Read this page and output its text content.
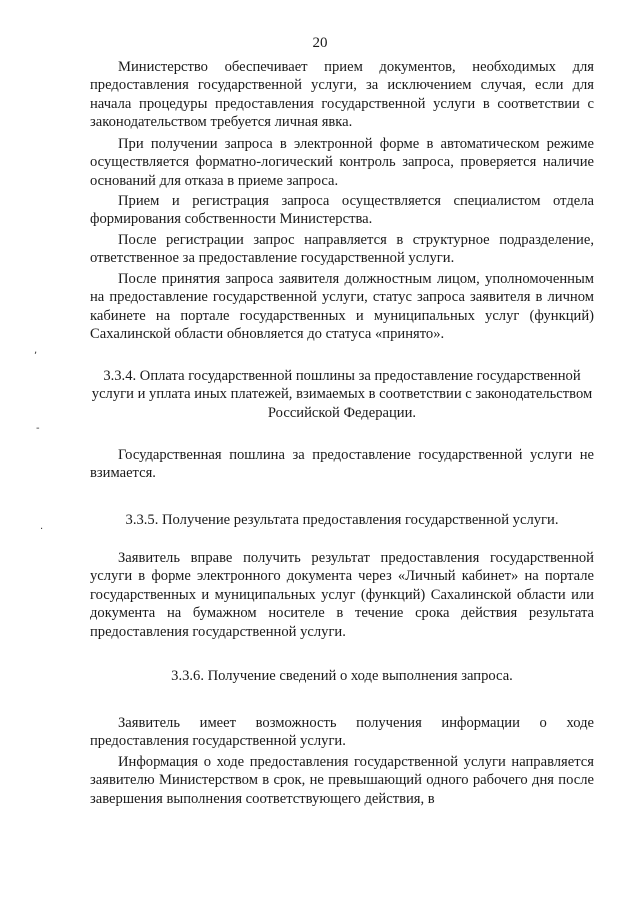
20

Министерство обеспечивает прием документов, необходимых для предоставления государственной услуги, за исключением случая, если для начала процедуры предоставления государственной услуги в соответствии с законодательством требуется личная явка.

При получении запроса в электронной форме в автоматическом режиме осуществляется форматно-логический контроль запроса, проверяется наличие оснований для отказа в приеме запроса.

Прием и регистрация запроса осуществляется специалистом отдела формирования собственности Министерства.

После регистрации запрос направляется в структурное подразделение, ответственное за предоставление государственной услуги.

После принятия запроса заявителя должностным лицом, уполномоченным на предоставление государственной услуги, статус запроса заявителя в личном кабинете на портале государственных и муниципальных услуг (функций) Сахалинской области обновляется до статуса «принято».

3.3.4. Оплата государственной пошлины за предоставление государственной услуги и уплата иных платежей, взимаемых в соответствии с законодательством Российской Федерации.

Государственная пошлина за предоставление государственной услуги не взимается.

3.3.5. Получение результата предоставления государственной услуги.

Заявитель вправе получить результат предоставления государственной услуги в форме электронного документа через «Личный кабинет» на портале государственных и муниципальных услуг (функций) Сахалинской области или документа на бумажном носителе в течение срока действия результата предоставления государственной услуги.

3.3.6. Получение сведений о ходе выполнения запроса.

Заявитель имеет возможность получения информации о ходе предоставления государственной услуги.

Информация о ходе предоставления государственной услуги направляется заявителю Министерством в срок, не превышающий одного рабочего дня после завершения выполнения соответствующего действия, в

,
-
·
